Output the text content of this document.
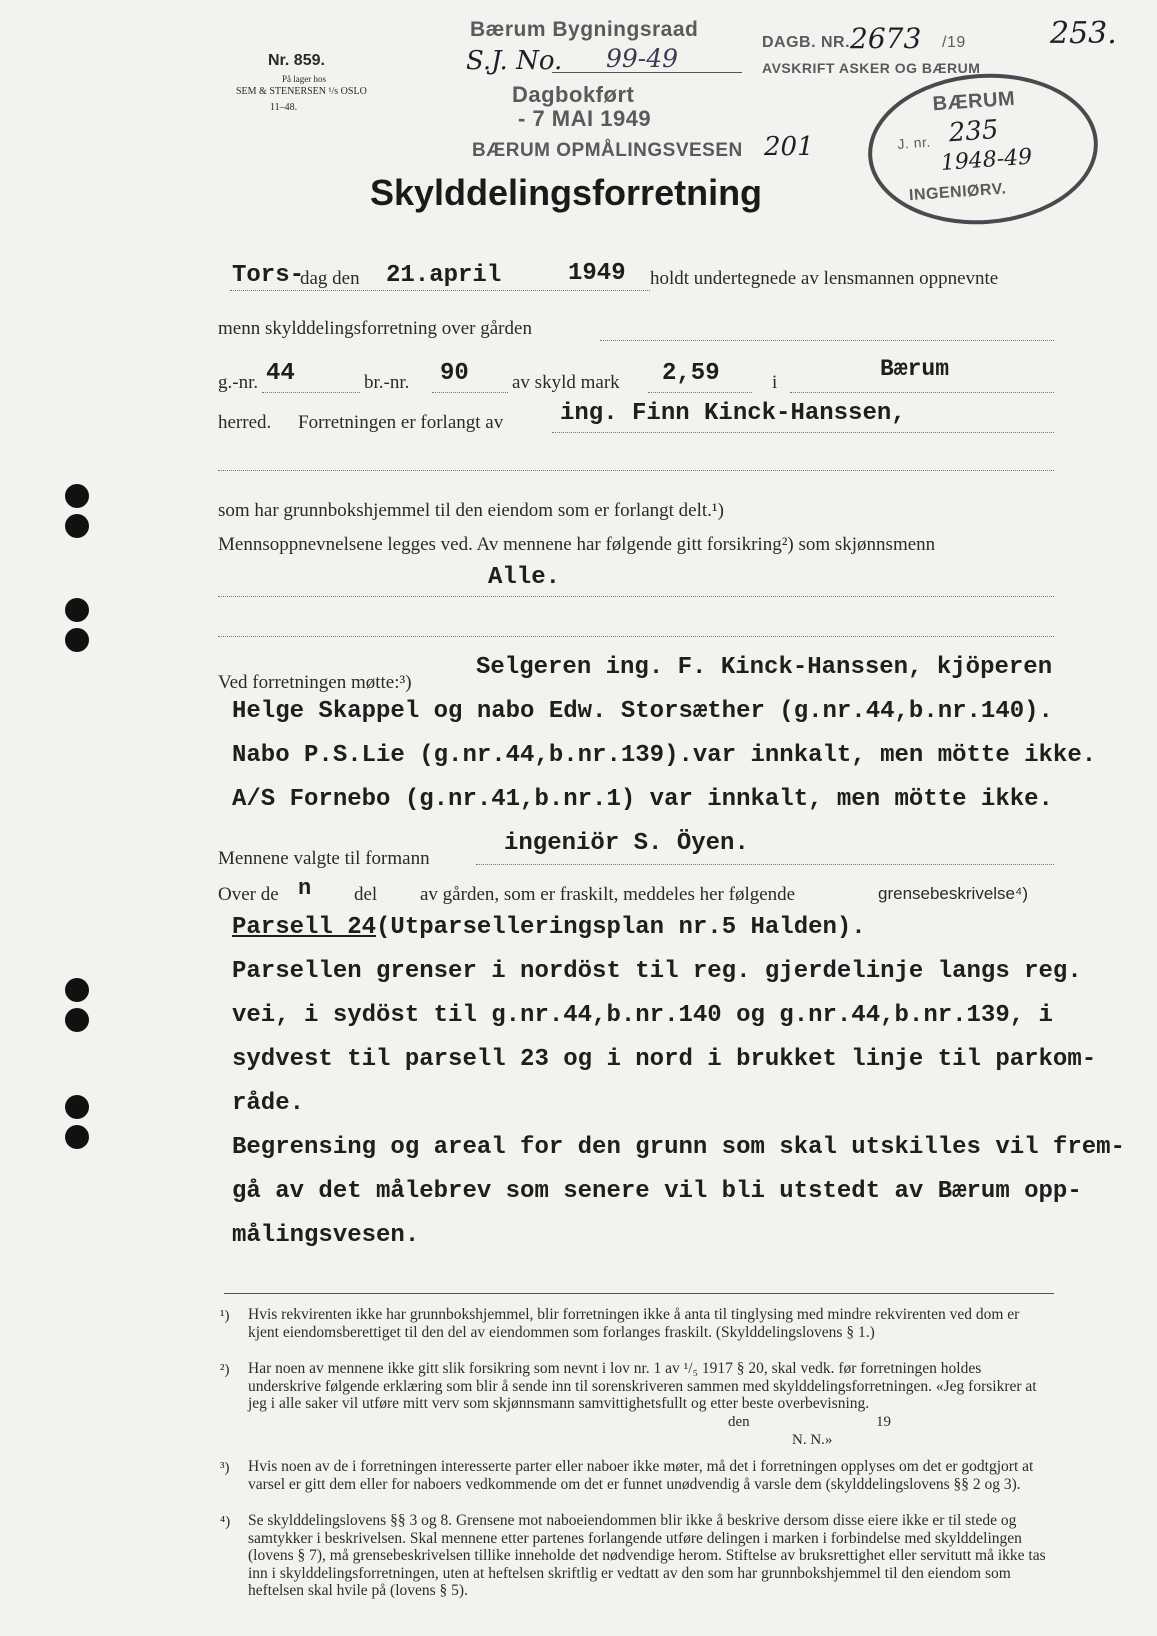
Nr. 859.
På lager hos
SEM & STENERSEN ¹/s OSLO
11–48.
Bærum Bygningsraad
S.J. No. 99-49
DAGB. NR. 2673 /19
AVSKRIFT ASKER OG BÆRUM
253.
Dagbokført
- 7 MAI 1949
BÆRUM OPMÅLINGSVESEN 201
BÆRUM
J. nr. 235
1948-49
INGENIØRV.
Skylddelingsforretning
Tors-
dag den 21.april	1949 holdt undertegnede av lensmannen oppnevnte
menn skylddelingsforretning over gården
g.-nr. 44	br.-nr. 90 av skyld mark 2,59	i
Bærum
herred. Forretningen er forlangt av ing. Finn Kinck-Hanssen,
som har grunnbokshjemmel til den eiendom som er forlangt delt.¹)
Mennsoppnevnelsene legges ved. Av mennene har følgende gitt forsikring²) som skjønnsmenn
Alle.
Ved forretningen møtte:³)
Selgeren ing. F. Kinck-Hanssen, kjöperen
Helge Skappel og nabo Edw. Storsæther (g.nr.44,b.nr.140).
Nabo P.S.Lie (g.nr.44,b.nr.139).var innkalt, men mötte ikke.
A/S Fornebo (g.nr.41,b.nr.1) var innkalt, men mötte ikke.
Mennene valgte til formann
ingeniör S. Öyen.
Over de n del av gården, som er fraskilt, meddeles her følgende	grensebeskrivelse⁴)
Parsell 24(Utparselleringsplan nr.5 Halden).
Parsellen grenser i nordöst til reg. gjerdelinje langs reg.
vei, i sydöst til g.nr.44,b.nr.140 og g.nr.44,b.nr.139, i
sydvest til parsell 23 og i nord i brukket linje til parkom-
råde.
Begrensing og areal for den grunn som skal utskilles vil frem-
gå av det målebrev som senere vil bli utstedt av Bærum opp-
målingsvesen.
¹) Hvis rekvirenten ikke har grunnbokshjemmel, blir forretningen ikke å anta til tinglysing med mindre rekvirenten ved dom er kjent eiendomsberettiget til den del av eiendommen som forlanges fraskilt. (Skylddelingslovens § 1.)
²) Har noen av mennene ikke gitt slik forsikring som nevnt i lov nr. 1 av ¹/₅ 1917 § 20, skal vedk. før forretningen holdes underskrive følgende erklæring som blir å sende inn til sorenskriveren sammen med skylddelingsforretningen. «Jeg forsikrer at jeg i alle saker vil utføre mitt verv som skjønnsmann samvittighetsfullt og etter beste overbevisning.
den	19
N. N.»
³) Hvis noen av de i forretningen interesserte parter eller naboer ikke møter, må det i forretningen opplyses om det er godtgjort at varsel er gitt dem eller for naboers vedkommende om det er funnet unødvendig å varsle dem (skylddelingslovens §§ 2 og 3).
⁴) Se skylddelingslovens §§ 3 og 8. Grensene mot naboeiendommen blir ikke å beskrive dersom disse eiere ikke er til stede og samtykker i beskrivelsen. Skal mennene etter partenes forlangende utføre delingen i marken i forbindelse med skylddelingen (lovens § 7), må grensebeskrivelsen tillike inneholde det nødvendige herom. Stiftelse av bruksrettighet eller servitutt må ikke tas inn i skylddelingsforretningen, uten at heftelsen skriftlig er vedtatt av den som har grunnbokshjemmel til den eiendom som heftelsen skal hvile på (lovens § 5).
